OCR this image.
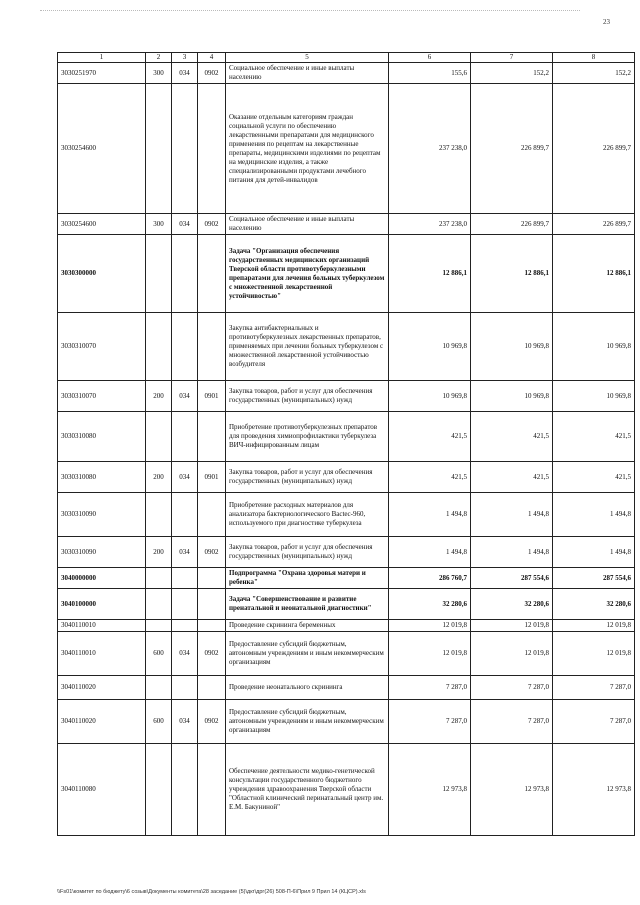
23
1	2	3	4	5	6	7	8
3030251970	300	034	0902	Социальное обеспечение и иные выплаты населению	155,6	152,2	152,2
3030254600				Оказание отдельным категориям граждан социальной услуги по обеспечению лекарственными препаратами для медицинского применения по рецептам на лекарственные препараты, медицинскими изделиями по рецептам на медицинские изделия, а также специализированными продуктами лечебного питания для детей-инвалидов	237 238,0	226 899,7	226 899,7
3030254600	300	034	0902	Социальное обеспечение и иные выплаты населению	237 238,0	226 899,7	226 899,7
3030300000				Задача "Организация обеспечения государственных медицинских организаций Тверской области противотуберкулезными препаратами для лечения больных туберкулезом с множественной лекарственной устойчивостью"	12 886,1	12 886,1	12 886,1
3030310070				Закупка антибактериальных и противотуберкулезных лекарственных препаратов, применяемых при лечении больных туберкулезом с множественной лекарственной устойчивостью возбудителя	10 969,8	10 969,8	10 969,8
3030310070	200	034	0901	Закупка товаров, работ и услуг для обеспечения государственных (муниципальных) нужд	10 969,8	10 969,8	10 969,8
3030310080				Приобретение противотуберкулезных препаратов для проведения химиопрофилактики туберкулеза ВИЧ-инфицированным лицам	421,5	421,5	421,5
3030310080	200	034	0901	Закупка товаров, работ и услуг для обеспечения государственных (муниципальных) нужд	421,5	421,5	421,5
3030310090				Приобретение расходных материалов для анализатора бактериологического Bactec-960, используемого при диагностике туберкулеза	1 494,8	1 494,8	1 494,8
3030310090	200	034	0902	Закупка товаров, работ и услуг для обеспечения государственных (муниципальных) нужд	1 494,8	1 494,8	1 494,8
3040000000				Подпрограмма "Охрана здоровья матери и ребенка"	286 760,7	287 554,6	287 554,6
3040100000				Задача "Совершенствование и развитие пренатальной и неонатальной диагностики"	32 280,6	32 280,6	32 280,6
3040110010				Проведение скрининга беременных	12 019,8	12 019,8	12 019,8
3040110010	600	034	0902	Предоставление субсидий бюджетным, автономным учреждениям и иным некоммерческим организациям	12 019,8	12 019,8	12 019,8
3040110020				Проведение неонатального скрининга	7 287,0	7 287,0	7 287,0
3040110020	600	034	0902	Предоставление субсидий бюджетным, автономным учреждениям и иным некоммерческим организациям	7 287,0	7 287,0	7 287,0
3040110080				Обеспечение деятельности медико-генетической консультации государственного бюджетного учреждения здравоохранения Тверской области "Областной клинический перинатальный центр им. Е.М. Бакуниной"	12 973,8	12 973,8	12 973,8
\\Fs01\комитет по бюджету\6 созыв\Документы комитета\28 заседание (5)\дкг\дрг(26) 508-П-6\Прил 9 Прил 14 (КЦСР).xls
